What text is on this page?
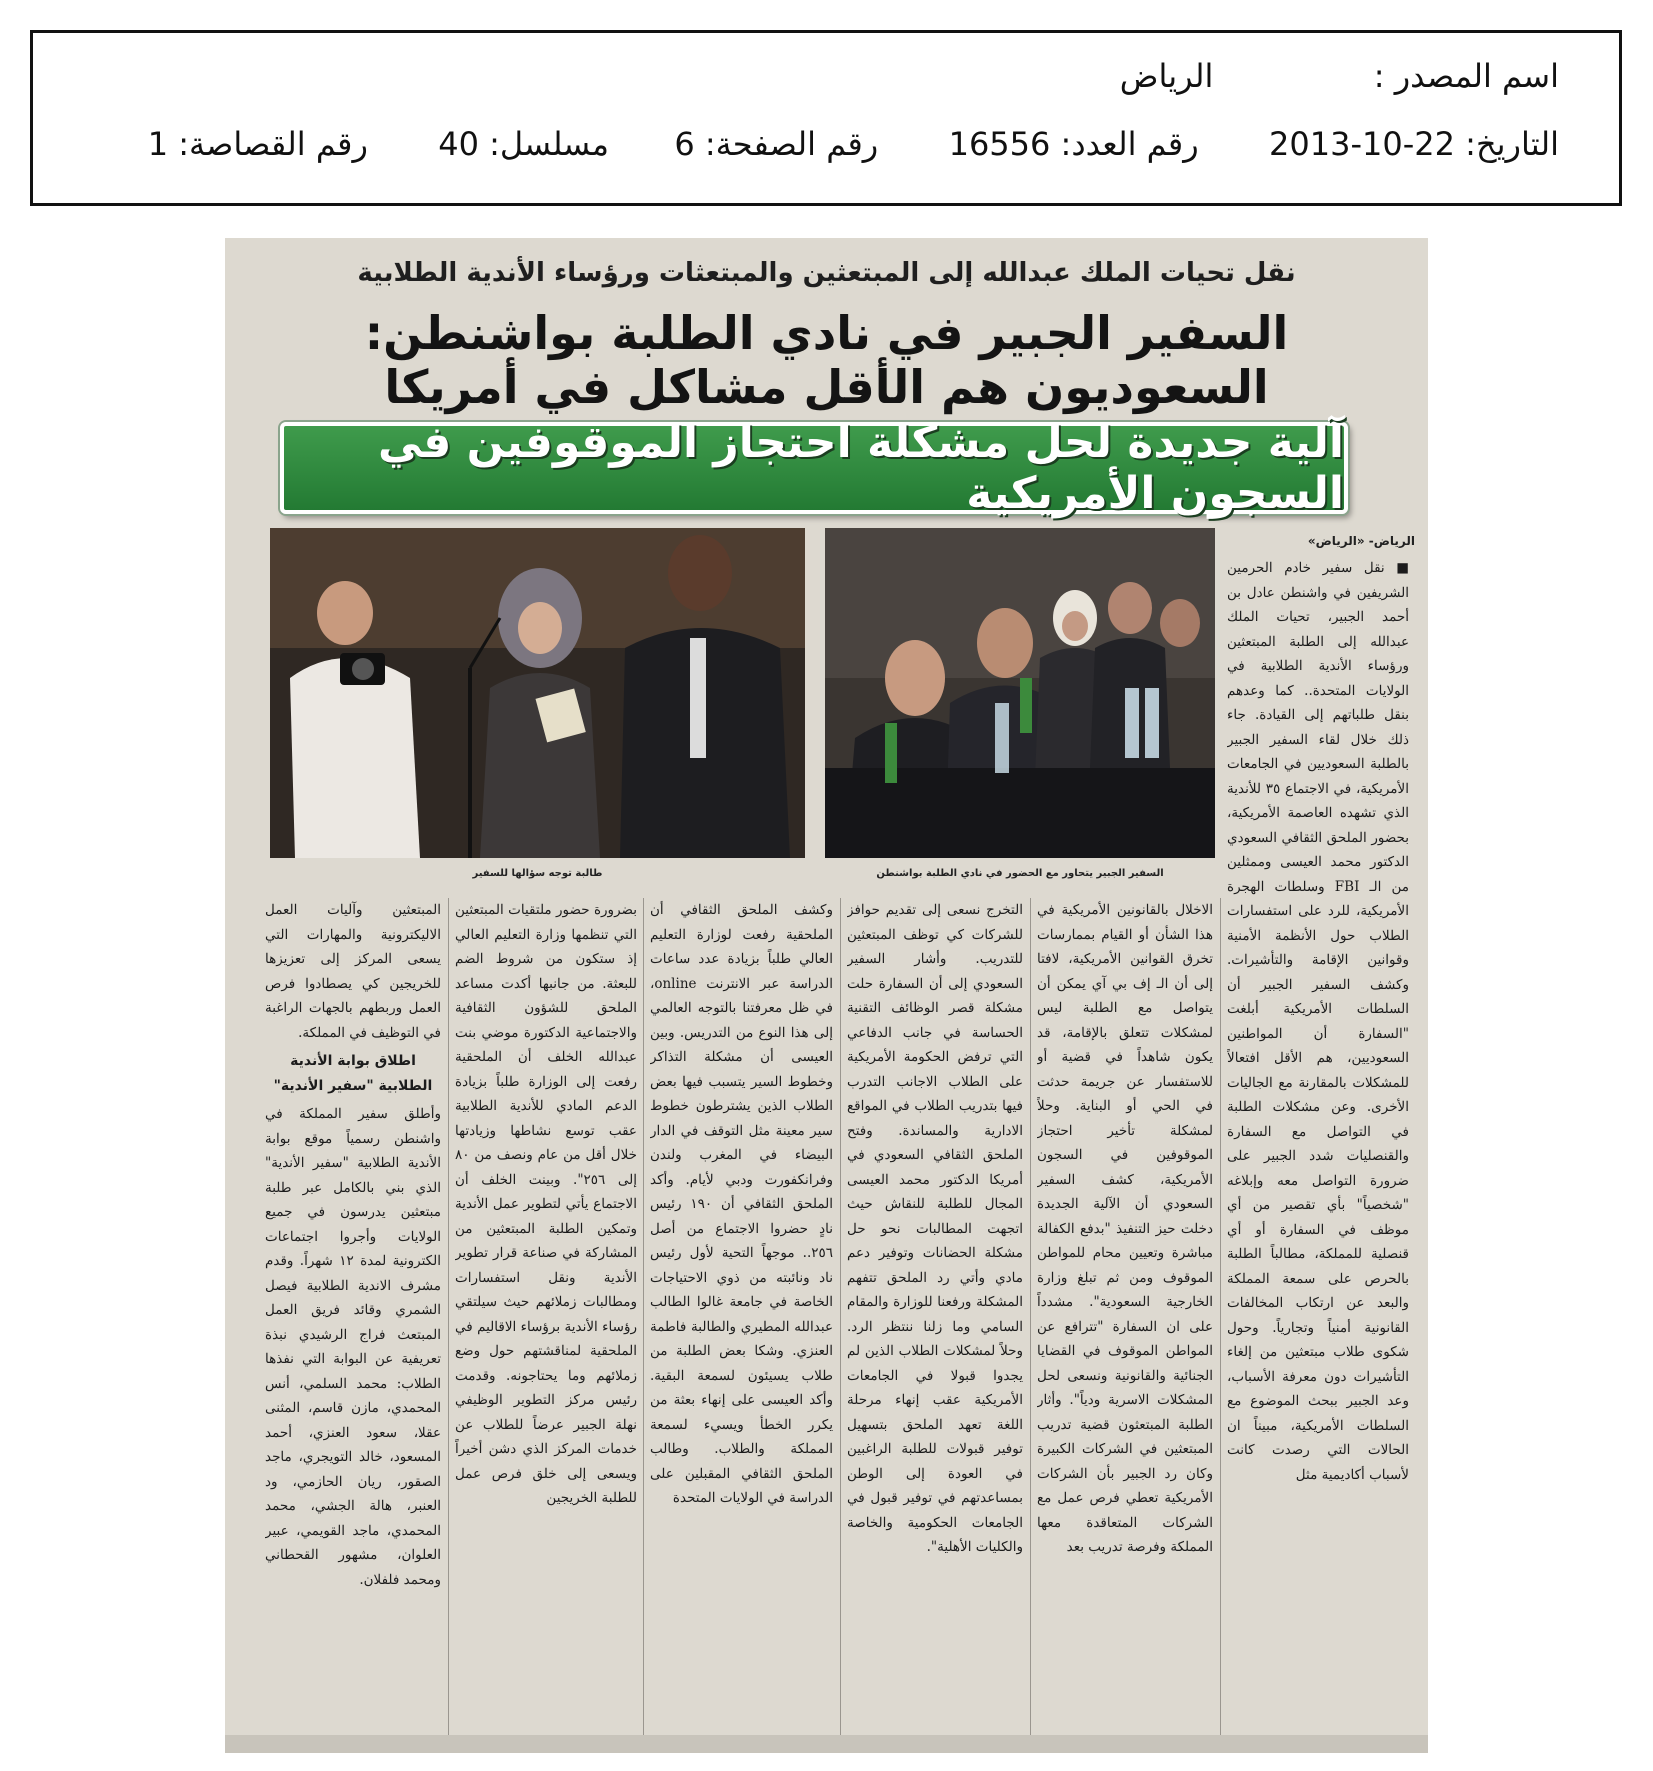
اسم المصدر :  الرياض
التاريخ: 2013-10-22  رقم العدد: 16556  رقم الصفحة: 6  مسلسل: 40  رقم القصاصة: 1
نقل تحيات الملك عبدالله إلى المبتعثين والمبتعثات ورؤساء الأندية الطلابية
السفير الجبير في نادي الطلبة بواشنطن: السعوديون هم الأقل مشاكل في أمريكا
آلية جديدة لحل مشكلة احتجاز الموقوفين في السجون الأمريكية
السفير الجبير يتحاور مع الحضور في نادي الطلبة بواشنطن
طالبة توجه سؤالها للسفير
الرياض- «الرياض»
■ نقل سفير خادم الحرمين الشريفين في واشنطن عادل بن أحمد الجبير، تحيات الملك عبدالله إلى الطلبة المبتعثين ورؤساء الأندية الطلابية في الولايات المتحدة.. كما وعدهم بنقل طلباتهم إلى القيادة. جاء ذلك خلال لقاء السفير الجبير بالطلبة السعوديين في الجامعات الأمريكية، في الاجتماع ٣٥ للأندية الذي تشهده العاصمة الأمريكية، بحضور الملحق الثقافي السعودي الدكتور محمد العيسى وممثلين من الـ FBI وسلطات الهجرة الأمريكية، للرد على استفسارات الطلاب حول الأنظمة الأمنية وقوانين الإقامة والتأشيرات. وكشف السفير الجبير أن السلطات الأمريكية أبلغت "السفارة أن المواطنين السعوديين، هم الأقل افتعالاً للمشكلات بالمقارنة مع الجاليات الأخرى. وعن مشكلات الطلبة في التواصل مع السفارة والقنصليات شدد الجبير على ضرورة التواصل معه وإبلاغه "شخصياً" بأي تقصير من أي موظف في السفارة أو أي قنصلية للمملكة، مطالباً الطلبة بالحرص على سمعة المملكة والبعد عن ارتكاب المخالفات القانونية أمنياً وتجارياً. وحول شكوى طلاب مبتعثين من إلغاء التأشيرات دون معرفة الأسباب، وعد الجبير ببحث الموضوع مع السلطات الأمريكية، مبيناً ان الحالات التي رصدت كانت لأسباب أكاديمية مثل
الاخلال بالقانونين الأمريكية في هذا الشأن أو القيام بممارسات تخرق القوانين الأمريكية، لافتا إلى أن الـ إف بي آي يمكن أن يتواصل مع الطلبة ليس لمشكلات تتعلق بالإقامة، قد يكون شاهداً في قضية أو للاستفسار عن جريمة حدثت في الحي أو البناية. وحلاً لمشكلة تأخير احتجاز الموقوفين في السجون الأمريكية، كشف السفير السعودي أن الآلية الجديدة دخلت حيز التنفيذ "بدفع الكفالة مباشرة وتعيين محام للمواطن الموقوف ومن ثم تبلغ وزارة الخارجية السعودية". مشدداً على ان السفارة "تترافع عن المواطن الموقوف في القضايا الجنائية والقانونية ونسعى لحل المشكلات الاسرية ودياً". وأثار الطلبة المبتعثون قضية تدريب المبتعثين في الشركات الكبيرة وكان رد الجبير بأن الشركات الأمريكية تعطي فرص عمل مع الشركات المتعاقدة معها المملكة وفرصة تدريب بعد
التخرج نسعى إلى تقديم حوافز للشركات كي توظف المبتعثين للتدريب. وأشار السفير السعودي إلى أن السفارة حلت مشكلة قصر الوظائف التقنية الحساسة في جانب الدفاعي التي ترفض الحكومة الأمريكية على الطلاب الاجانب التدرب فيها بتدريب الطلاب في المواقع الادارية والمساندة. وفتح الملحق الثقافي السعودي في أمريكا الدكتور محمد العيسى المجال للطلبة للنقاش حيث اتجهت المطالبات نحو حل مشكلة الحضانات وتوفير دعم مادي وأتي رد الملحق تتفهم المشكلة ورفعنا للوزارة والمقام السامي وما زلنا ننتظر الرد. وحلاً لمشكلات الطلاب الذين لم يجدوا قبولا في الجامعات الأمريكية عقب إنهاء مرحلة اللغة تعهد الملحق بتسهيل توفير قبولات للطلبة الراغبين في العودة إلى الوطن بمساعدتهم في توفير قبول في الجامعات الحكومية والخاصة والكليات الأهلية".
وكشف الملحق الثقافي أن الملحقية رفعت لوزارة التعليم العالي طلباً بزيادة عدد ساعات الدراسة عبر الانترنت online، في ظل معرفتنا بالتوجه العالمي إلى هذا النوع من التدريس. وبين العيسى أن مشكلة التذاكر وخطوط السير يتسبب فيها بعض الطلاب الذين يشترطون خطوط سير معينة مثل التوقف في الدار البيضاء في المغرب ولندن وفرانكفورت ودبي لأيام. وأكد الملحق الثقافي أن ١٩٠ رئيس نادٍ حضروا الاجتماع من أصل ٢٥٦.. موجهاً التحية لأول رئيس ناد ونائبته من ذوي الاحتياجات الخاصة في جامعة غالوا الطالب عبدالله المطيري والطالبة فاطمة العنزي. وشكا بعض الطلبة من طلاب يسيئون لسمعة البقية. وأكد العيسى على إنهاء بعثة من يكرر الخطأ ويسيء لسمعة المملكة والطلاب. وطالب الملحق الثقافي المقبلين على الدراسة في الولايات المتحدة
بضرورة حضور ملتقيات المبتعثين التي تنظمها وزارة التعليم العالي إذ ستكون من شروط الضم للبعثة. من جانبها أكدت مساعد الملحق للشؤون الثقافية والاجتماعية الدكتورة موضي بنت عبدالله الخلف أن الملحقية رفعت إلى الوزارة طلباً بزيادة الدعم المادي للأندية الطلابية عقب توسع نشاطها وزيادتها خلال أقل من عام ونصف من ٨٠ إلى ٢٥٦". وبينت الخلف أن الاجتماع يأتي لتطوير عمل الأندية وتمكين الطلبة المبتعثين من المشاركة في صناعة قرار تطوير الأندية ونقل استفسارات ومطالبات زملائهم حيث سيلتقي رؤساء الأندية برؤساء الاقاليم في الملحقية لمناقشتهم حول وضع زملائهم وما يحتاجونه. وقدمت رئيس مركز التطوير الوظيفي نهلة الجبير عرضاً للطلاب عن خدمات المركز الذي دشن أخيراً ويسعى إلى خلق فرص عمل للطلبة الخريجين
المبتعثين وآليات العمل الاليكترونية والمهارات التي يسعى المركز إلى تعزيزها للخريجين كي يصطادوا فرص العمل وربطهم بالجهات الراغبة في التوظيف في المملكة.
اطلاق بوابة الأندية الطلابية "سفير الأندية"
وأطلق سفير المملكة في واشنطن رسمياً موقع بوابة الأندية الطلابية "سفير الأندية" الذي بني بالكامل عبر طلبة مبتعثين يدرسون في جميع الولايات وأجروا اجتماعات الكترونية لمدة ١٢ شهراً. وقدم مشرف الاندية الطلابية فيصل الشمري وقائد فريق العمل المبتعث فراج الرشيدي نبذة تعريفية عن البوابة التي نفذها الطلاب: محمد السلمي، أنس المحمدي، مازن قاسم، المثنى عقلا، سعود العنزي، أحمد المسعود، خالد التويجري، ماجد الصقور، ريان الحازمي، ود العنبر، هالة الجشي، محمد المحمدي، ماجد القويمي، عبير العلوان، مشهور القحطاني ومحمد فلفلان.
